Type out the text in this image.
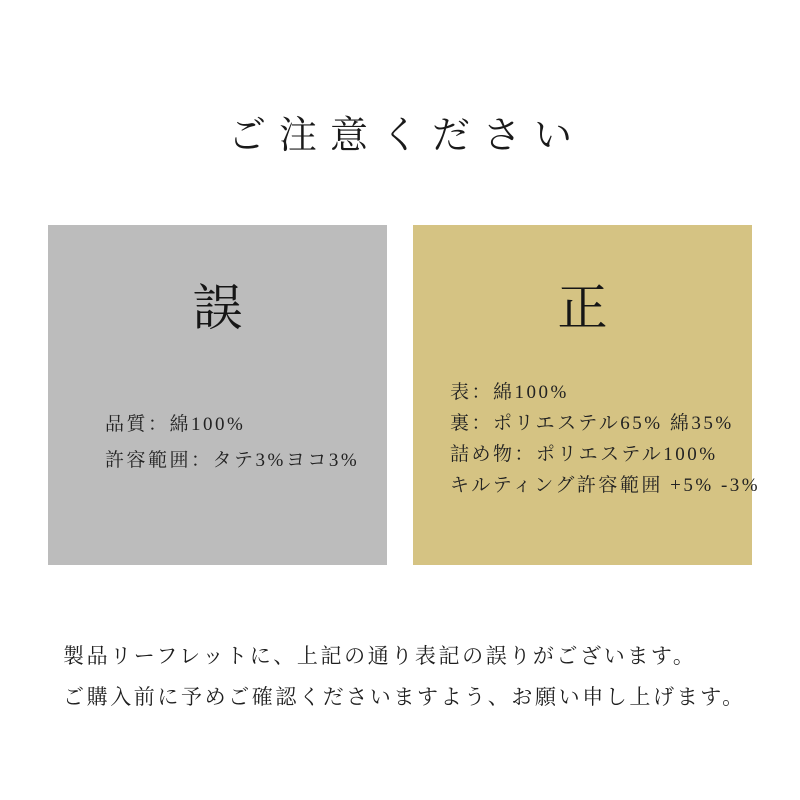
ご注意ください
誤
品質：綿100%
許容範囲：タテ3%ヨコ3%
正
表：綿100%
裏：ポリエステル65% 綿35%
詰め物：ポリエステル100%
キルティング許容範囲 +5% -3%
製品リーフレットに、上記の通り表記の誤りがございます。
ご購入前に予めご確認くださいますよう、お願い申し上げます。
